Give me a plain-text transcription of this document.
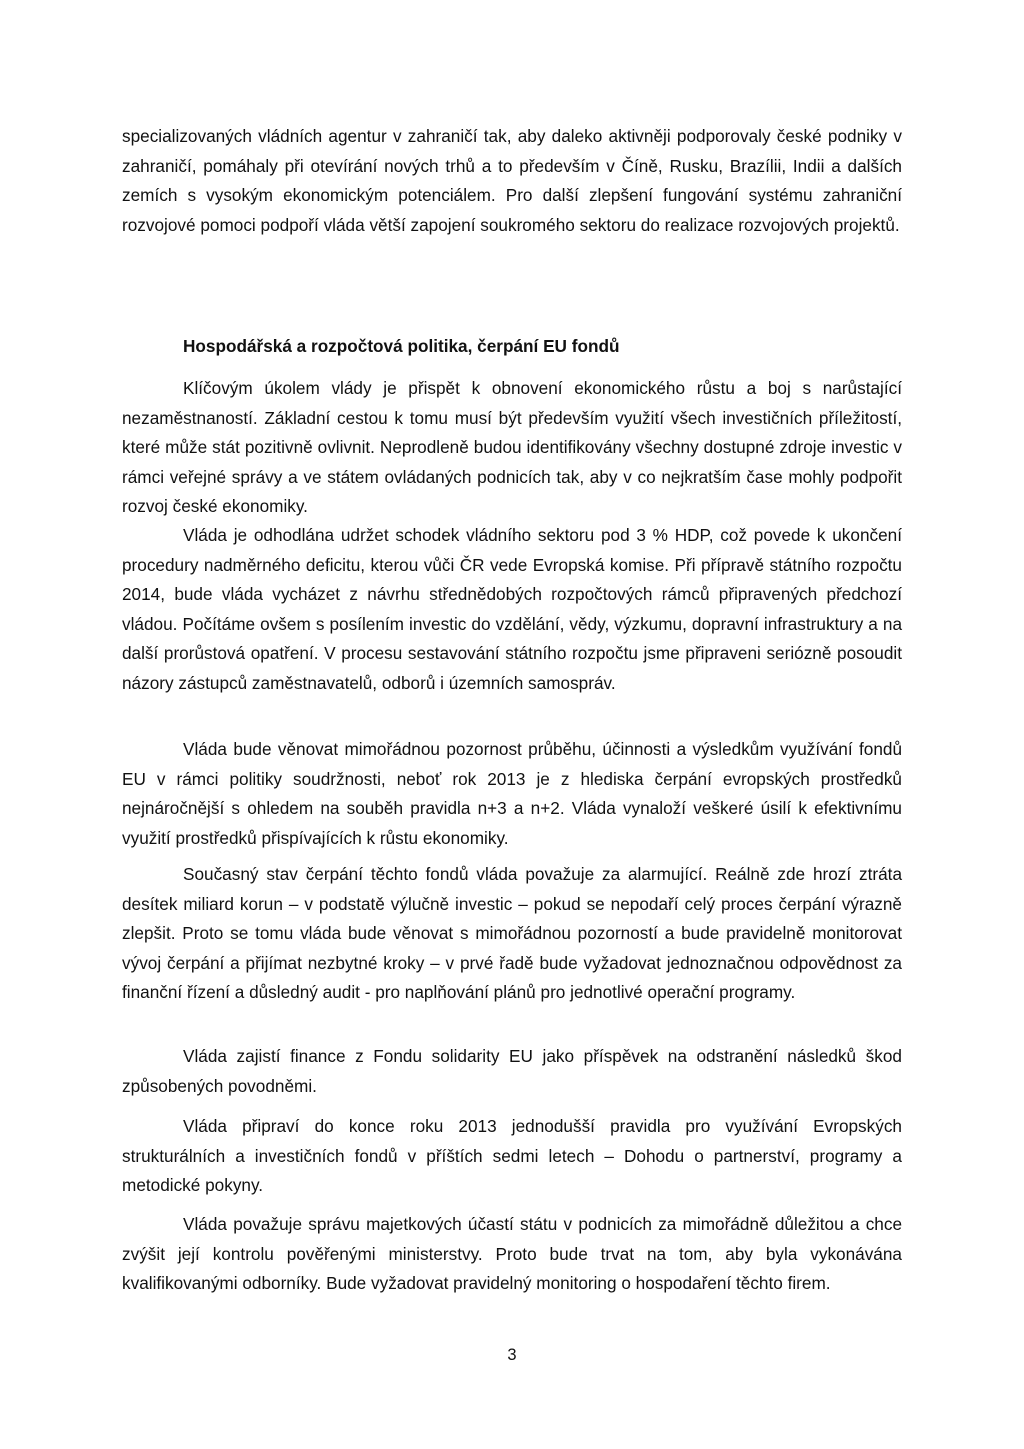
specializovaných vládních agentur v zahraničí tak, aby daleko aktivněji podporovaly české podniky v zahraničí, pomáhaly při otevírání nových trhů a to především v Číně, Rusku, Brazílii, Indii a dalších zemích s vysokým ekonomickým potenciálem. Pro další zlepšení fungování systému zahraniční rozvojové pomoci podpoří vláda větší zapojení soukromého sektoru do realizace rozvojových projektů.

Hospodářská a rozpočtová politika, čerpání EU fondů

Klíčovým úkolem vlády je přispět k obnovení ekonomického růstu a boj s narůstající nezaměstnaností. Základní cestou k tomu musí být především využití všech investičních příležitostí, které může stát pozitivně ovlivnit. Neprodleně budou identifikovány všechny dostupné zdroje investic v rámci veřejné správy a ve státem ovládaných podnicích tak, aby v co nejkratším čase mohly podpořit rozvoj české ekonomiky.

Vláda je odhodlána udržet schodek vládního sektoru pod 3 % HDP, což povede k ukončení procedury nadměrného deficitu, kterou vůči ČR vede Evropská komise. Při přípravě státního rozpočtu 2014, bude vláda vycházet z návrhu střednědobých rozpočtových rámců připravených předchozí vládou. Počítáme ovšem s posílením investic do vzdělání, vědy, výzkumu, dopravní infrastruktury a na další prorůstová opatření. V procesu sestavování státního rozpočtu jsme připraveni seriózně posoudit názory zástupců zaměstnavatelů, odborů i územních samospráv.

Vláda bude věnovat mimořádnou pozornost průběhu, účinnosti a výsledkům využívání fondů EU v rámci politiky soudržnosti, neboť rok 2013 je z hlediska čerpání evropských prostředků nejnáročnější s ohledem na souběh pravidla n+3 a n+2. Vláda vynaloží veškeré úsilí k efektivnímu využití prostředků přispívajících k růstu ekonomiky.

Současný stav čerpání těchto fondů vláda považuje za alarmující. Reálně zde hrozí ztráta desítek miliard korun – v podstatě výlučně investic – pokud se nepodaří celý proces čerpání výrazně zlepšit. Proto se tomu vláda bude věnovat s mimořádnou pozorností a bude pravidelně monitorovat vývoj čerpání a přijímat nezbytné kroky – v prvé řadě bude vyžadovat jednoznačnou odpovědnost za finanční řízení a důsledný audit - pro naplňování plánů pro jednotlivé operační programy.

Vláda zajistí finance z Fondu solidarity EU jako příspěvek na odstranění následků škod způsobených povodněmi.

Vláda připraví do konce roku 2013 jednodušší pravidla pro využívání Evropských strukturálních a investičních fondů v příštích sedmi letech – Dohodu o partnerství, programy a metodické pokyny.

Vláda považuje správu majetkových účastí státu v podnicích za mimořádně důležitou a chce zvýšit její kontrolu pověřenými ministerstvy. Proto bude trvat na tom, aby byla vykonávána kvalifikovanými odborníky. Bude vyžadovat pravidelný monitoring o hospodaření těchto firem.

3
